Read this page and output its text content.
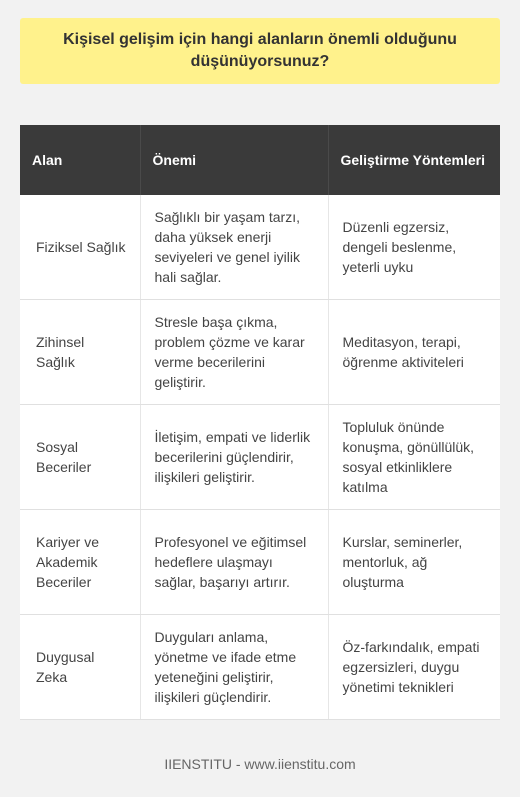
Kişisel gelişim için hangi alanların önemli olduğunu düşünüyorsunuz?
Alan	Önemi	Geliştirme Yöntemleri
Fiziksel Sağlık	Sağlıklı bir yaşam tarzı, daha yüksek enerji seviyeleri ve genel iyilik hali sağlar.	Düzenli egzersiz, dengeli beslenme, yeterli uyku
Zihinsel Sağlık	Stresle başa çıkma, problem çözme ve karar verme becerilerini geliştirir.	Meditasyon, terapi, öğrenme aktiviteleri
Sosyal Beceriler	İletişim, empati ve liderlik becerilerini güçlendirir, ilişkileri geliştirir.	Topluluk önünde konuşma, gönüllülük, sosyal etkinliklere katılma
Kariyer ve Akademik Beceriler	Profesyonel ve eğitimsel hedeflere ulaşmayı sağlar, başarıyı artırır.	Kurslar, seminerler, mentorluk, ağ oluşturma
Duygusal Zeka	Duyguları anlama, yönetme ve ifade etme yeteneğini geliştirir, ilişkileri güçlendirir.	Öz-farkındalık, empati egzersizleri, duygu yönetimi teknikleri
IIENSTITU - www.iienstitu.com
